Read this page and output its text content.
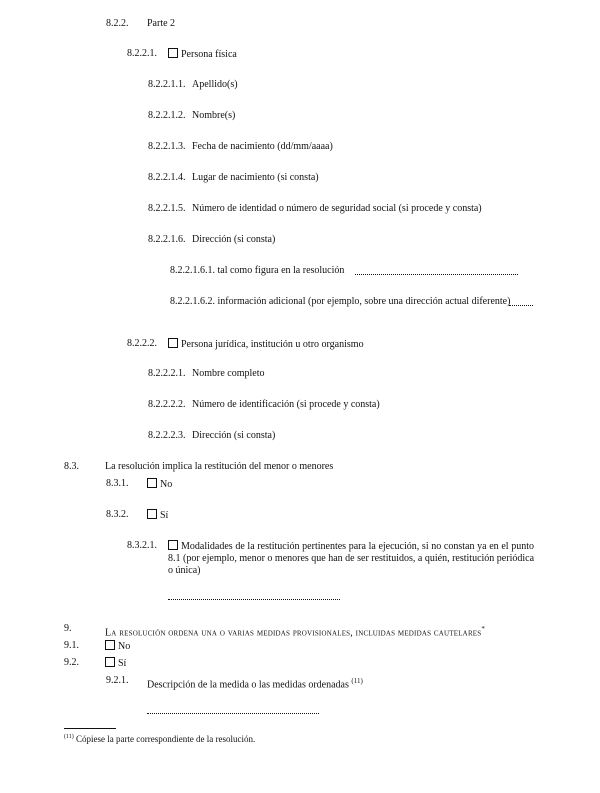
8.2.2. Parte 2
8.2.2.1.	Persona física
8.2.2.1.1. Apellido(s)
8.2.2.1.2. Nombre(s)
8.2.2.1.3. Fecha de nacimiento (dd/mm/aaaa)
8.2.2.1.4. Lugar de nacimiento (si consta)
8.2.2.1.5. Número de identidad o número de seguridad social (si procede y consta)
8.2.2.1.6. Dirección (si consta)
8.2.2.1.6.1. tal como figura en la resolución
8.2.2.1.6.2. información adicional (por ejemplo, sobre una dirección actual diferente)
8.2.2.2.	Persona jurídica, institución u otro organismo
8.2.2.2.1. Nombre completo
8.2.2.2.2. Número de identificación (si procede y consta)
8.2.2.2.3. Dirección (si consta)
8.3.	La resolución implica la restitución del menor o menores
8.3.1.	No
8.3.2.	Sí
8.3.2.1.	Modalidades de la restitución pertinentes para la ejecución, si no constan ya en el punto 8.1 (por ejemplo, menor o menores que han de ser restituidos, a quién, restitución periódica o única)
9.	La resolución ordena una o varias medidas provisionales, incluidas medidas cautelares*
9.1.	No
9.2.	Sí
9.2.1. Descripción de la medida o las medidas ordenadas $^{(11)}$
$^{(11)}$ Cópiese la parte correspondiente de la resolución.
